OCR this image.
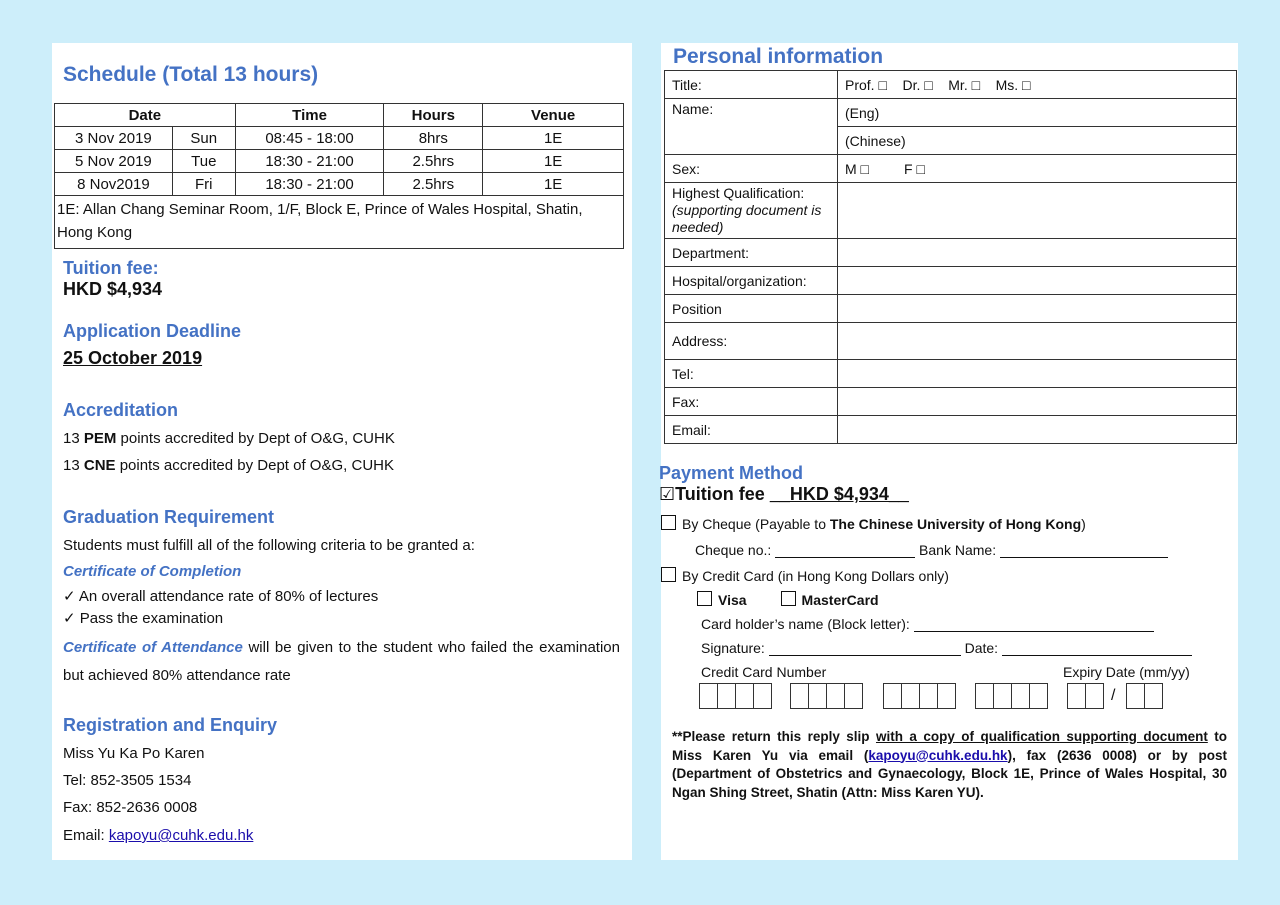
Schedule (Total 13 hours)
Date		Time	Hours	Venue
3 Nov 2019	Sun	08:45 - 18:00	8hrs	1E
5 Nov 2019	Tue	18:30 - 21:00	2.5hrs	1E
8 Nov2019	Fri	18:30 - 21:00	2.5hrs	1E
1E: Allan Chang Seminar Room, 1/F, Block E, Prince of Wales Hospital, Shatin, Hong Kong				
Tuition fee:
HKD $4,934
Application Deadline
25 October 2019
Accreditation
13 PEM points accredited by Dept of O&G, CUHK
13 CNE points accredited by Dept of O&G, CUHK
Graduation Requirement
Students must fulfill all of the following criteria to be granted a:
Certificate of Completion
✓ An overall attendance rate of 80% of lectures
✓ Pass the examination
Certificate of Attendance will be given to the student who failed the examination but achieved 80% attendance rate
Registration and Enquiry
Miss Yu Ka Po Karen
Tel: 852-3505 1534
Fax: 852-2636 0008
Email: kapoyu@cuhk.edu.hk
Personal information
Title:	Prof. □    Dr. □    Mr. □    Ms. □
Name:	(Eng)
	(Chinese)
Sex:	M □         F □
Highest Qualification:
(supporting document is needed)	
Department:	
Hospital/organization:	
Position	
Address:	
Tel:	
Fax:	
Email:	
Payment Method
☑Tuition fee __HKD $4,934__
By Cheque (Payable to The Chinese University of Hong Kong)
Cheque no.:	Bank Name:
By Credit Card (in Hong Kong Dollars only)
Visa	MasterCard
Card holder’s name (Block letter):
Signature:	Date:
Credit Card Number	Expiry Date (mm/yy)
/
**Please return this reply slip with a copy of qualification supporting document to Miss Karen Yu via email (kapoyu@cuhk.edu.hk), fax (2636 0008) or by post (Department of Obstetrics and Gynaecology, Block 1E, Prince of Wales Hospital, 30 Ngan Shing Street, Shatin (Attn: Miss Karen YU).
